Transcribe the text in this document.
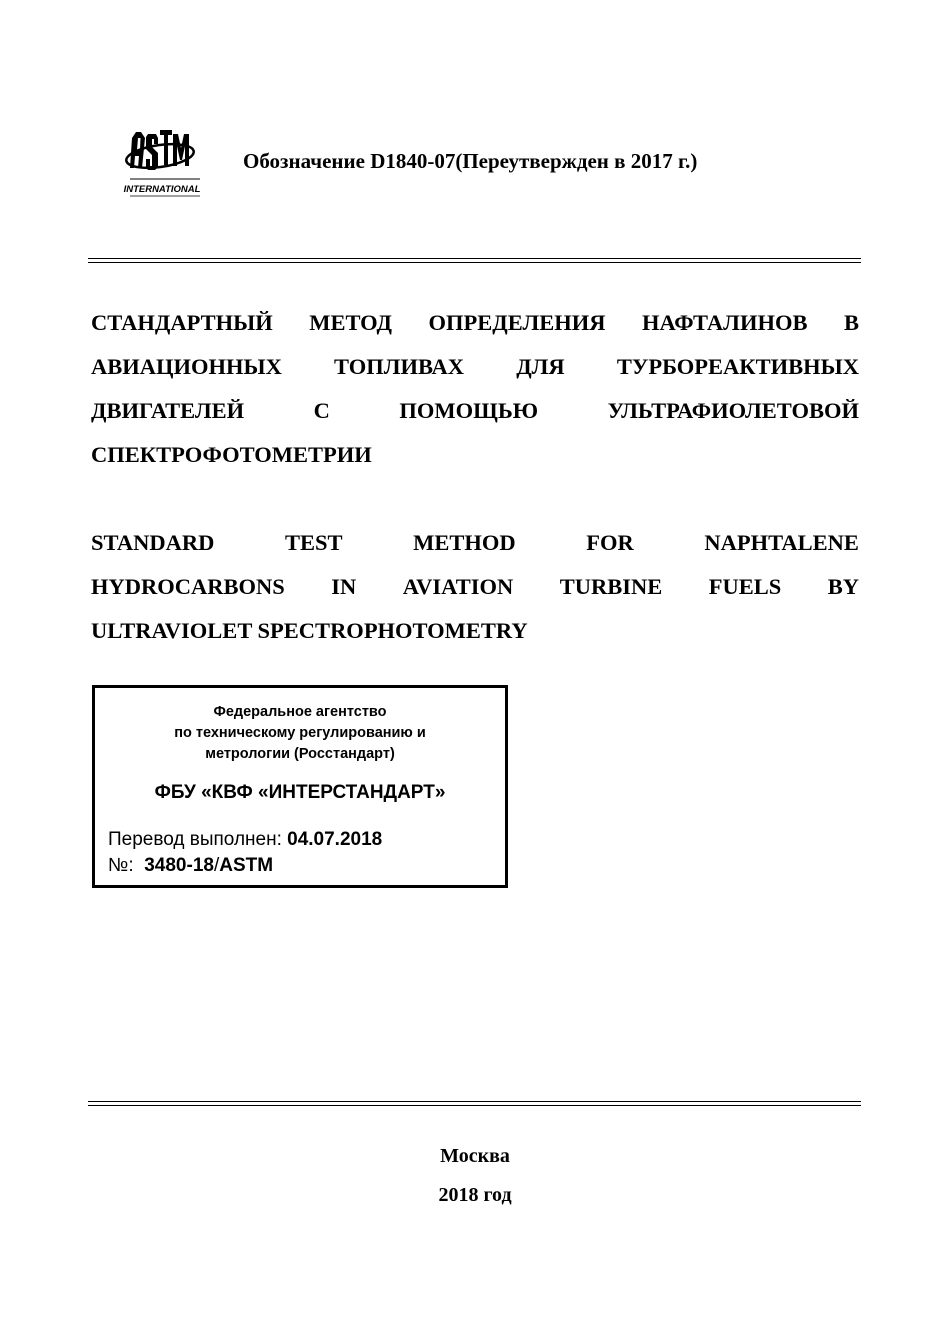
INTERNATIONAL
Обозначение D1840-07(Переутвержден в 2017 г.)
СТАНДАРТНЫЙ МЕТОД ОПРЕДЕЛЕНИЯ НАФТАЛИНОВ В
АВИАЦИОННЫХ ТОПЛИВАХ ДЛЯ ТУРБОРЕАКТИВНЫХ
ДВИГАТЕЛЕЙ	С	ПОМОЩЬЮ	УЛЬТРАФИОЛЕТОВОЙ
СПЕКТРОФОТОМЕТРИИ
STANDARD	TEST	METHOD	FOR	NAPHTALENE
HYDROCARBONS IN AVIATION TURBINE FUELS BY
ULTRAVIOLET SPECTROPHOTOMETRY
Федеральное агентство
по техническому регулированию и
метрологии (Росстандарт)
ФБУ «КВФ «ИНТЕРСТАНДАРТ»
Перевод выполнен: 04.07.2018
№: 3480-18/ASTM
Москва
2018 год
